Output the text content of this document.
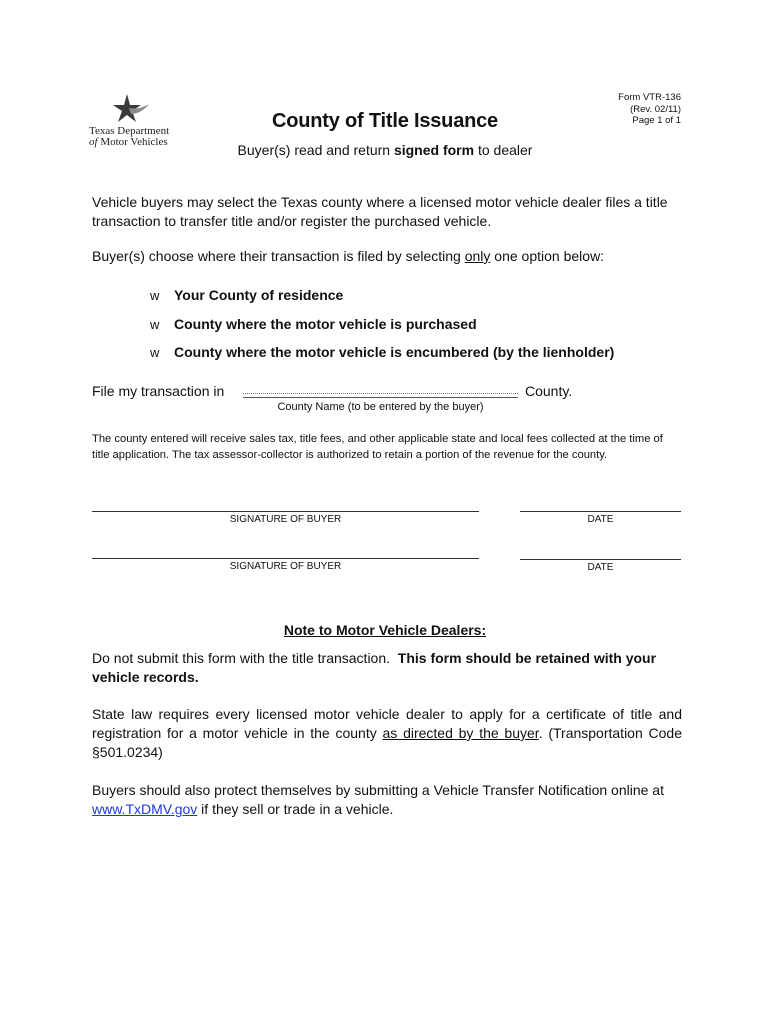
Texas Department
of Motor Vehicles
Form VTR-136
(Rev. 02/11)
Page 1 of 1
County of Title Issuance
Buyer(s) read and return signed form to dealer
Vehicle buyers may select the Texas county where a licensed motor vehicle dealer files a title transaction to transfer title and/or register the purchased vehicle.
Buyer(s) choose where their transaction is filed by selecting only one option below:
w Your County of residence
w County where the motor vehicle is purchased
w County where the motor vehicle is encumbered (by the lienholder)
File my transaction in	County.
County Name (to be entered by the buyer)
The county entered will receive sales tax, title fees, and other applicable state and local fees collected at the time of title application. The tax assessor-collector is authorized to retain a portion of the revenue for the county.
SIGNATURE OF BUYER	DATE
SIGNATURE OF BUYER	DATE
Note to Motor Vehicle Dealers:
Do not submit this form with the title transaction. This form should be retained with your vehicle records.
State law requires every licensed motor vehicle dealer to apply for a certificate of title and registration for a motor vehicle in the county as directed by the buyer. (Transportation Code §501.0234)
Buyers should also protect themselves by submitting a Vehicle Transfer Notification online at www.TxDMV.gov if they sell or trade in a vehicle.
